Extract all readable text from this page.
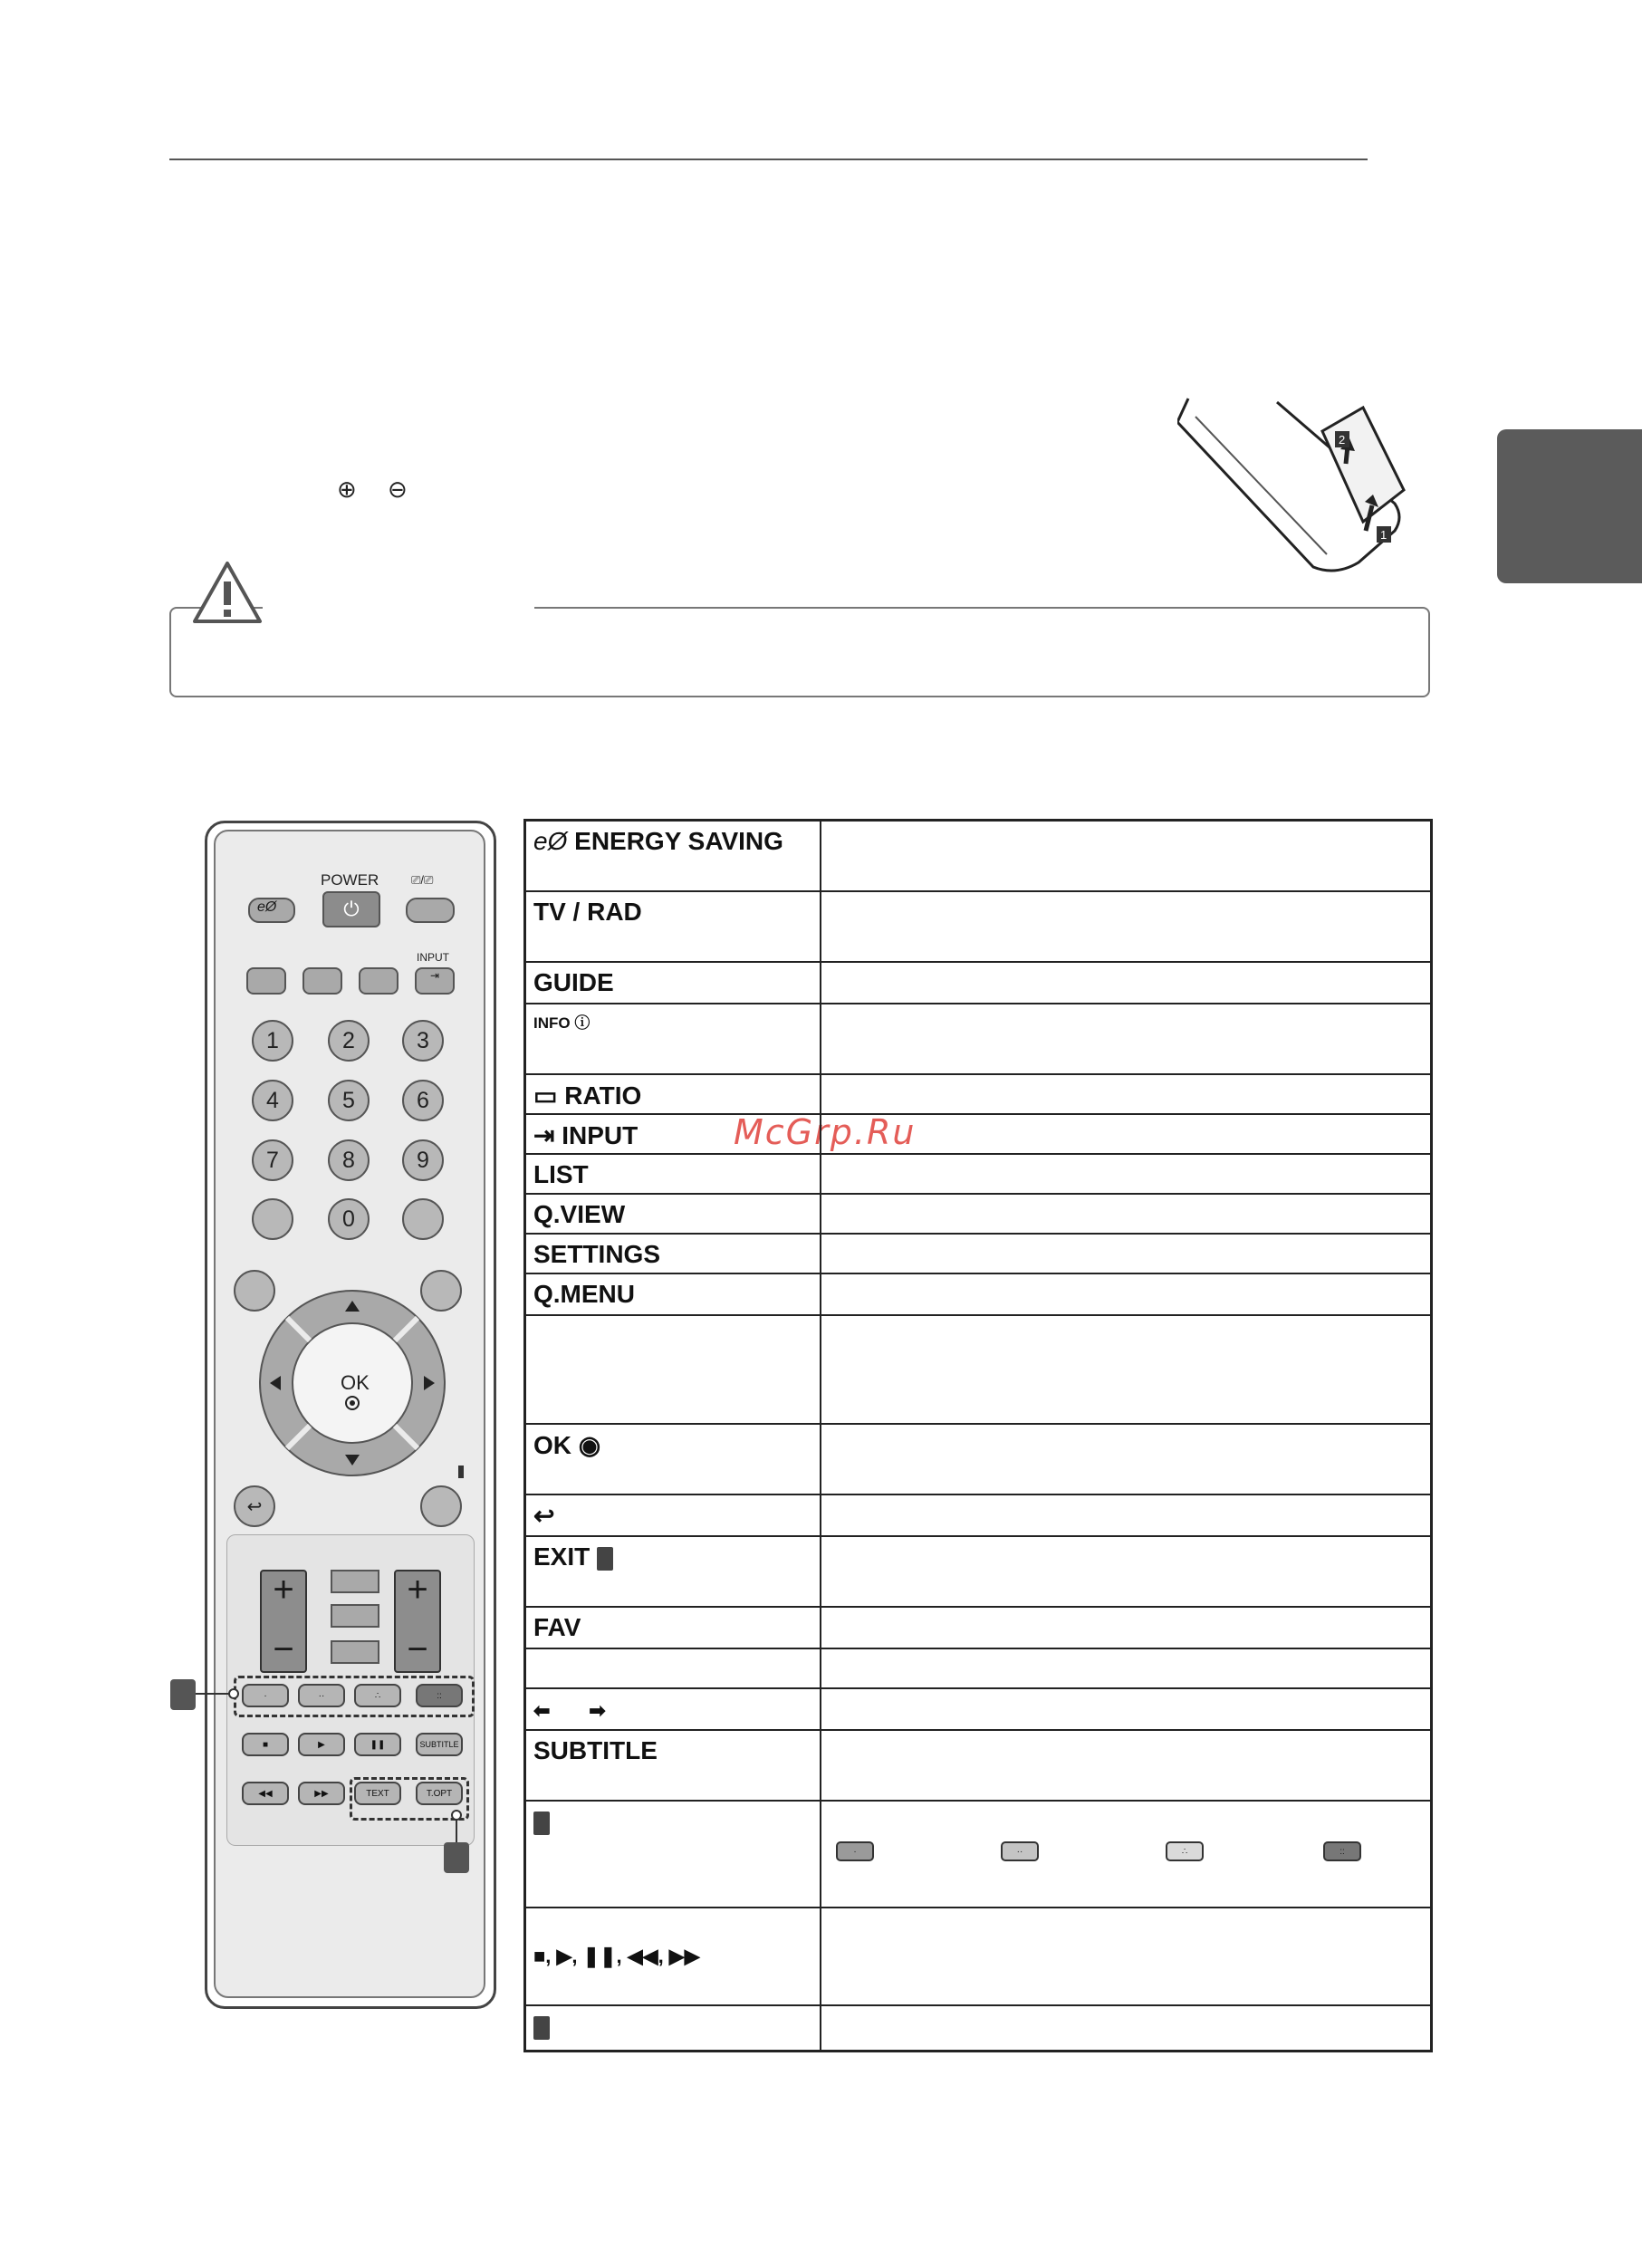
⊕ ⊖
2
1
McGrp.Ru
POWER
eØ	⏻
⎚/⎚
INPUT
⇥
1	2	3
4	5	6
7	8	9
0
OK
↩
+
−
+
−
·	··	∴	::
■	▶	❚❚	SUBTITLE
◀◀	▶▶	TEXT	T.OPT
eØ ENERGY SAVING
TV / RAD
GUIDE
INFO ⓘ
▭ RATIO
⇥ INPUT
LIST
Q.VIEW
SETTINGS
Q.MENU
OK ◉
↩
EXIT
FAV
⬅       ➡
SUBTITLE
·	··	∴	::
■, ▶, ❚❚, ◀◀, ▶▶
